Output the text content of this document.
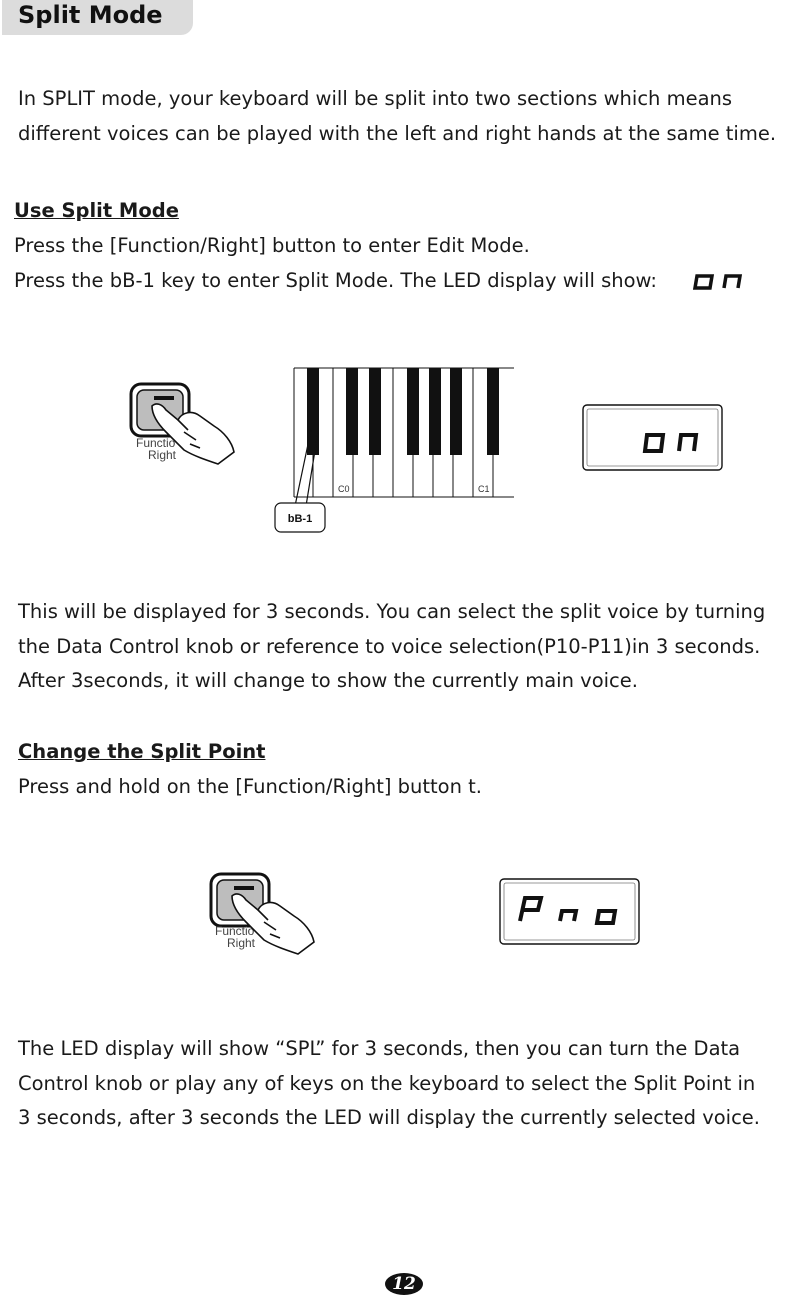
Split Mode
In SPLIT mode, your keyboard will be split into two sections which means
different voices can be played with the left and right hands at the same time.
Use Split Mode
Press the [Function/Right] button to enter Edit Mode.
Press the bB-1 key to enter Split Mode. The LED display will show:
Functio
Right
C0	C1
bB-1
This will be displayed for 3 seconds. You can select the split voice by turning
the Data Control knob or reference to voice selection(P10-P11)in 3 seconds.
After 3seconds, it will change to show the currently main voice.
Change the Split Point
Press and hold on the [Function/Right] button t.
Functio
Right
The LED display will show “SPL” for 3 seconds, then you can turn the Data
Control knob or play any of keys on the keyboard to select the Split Point in
3 seconds, after 3 seconds the LED will display the currently selected voice.
12
